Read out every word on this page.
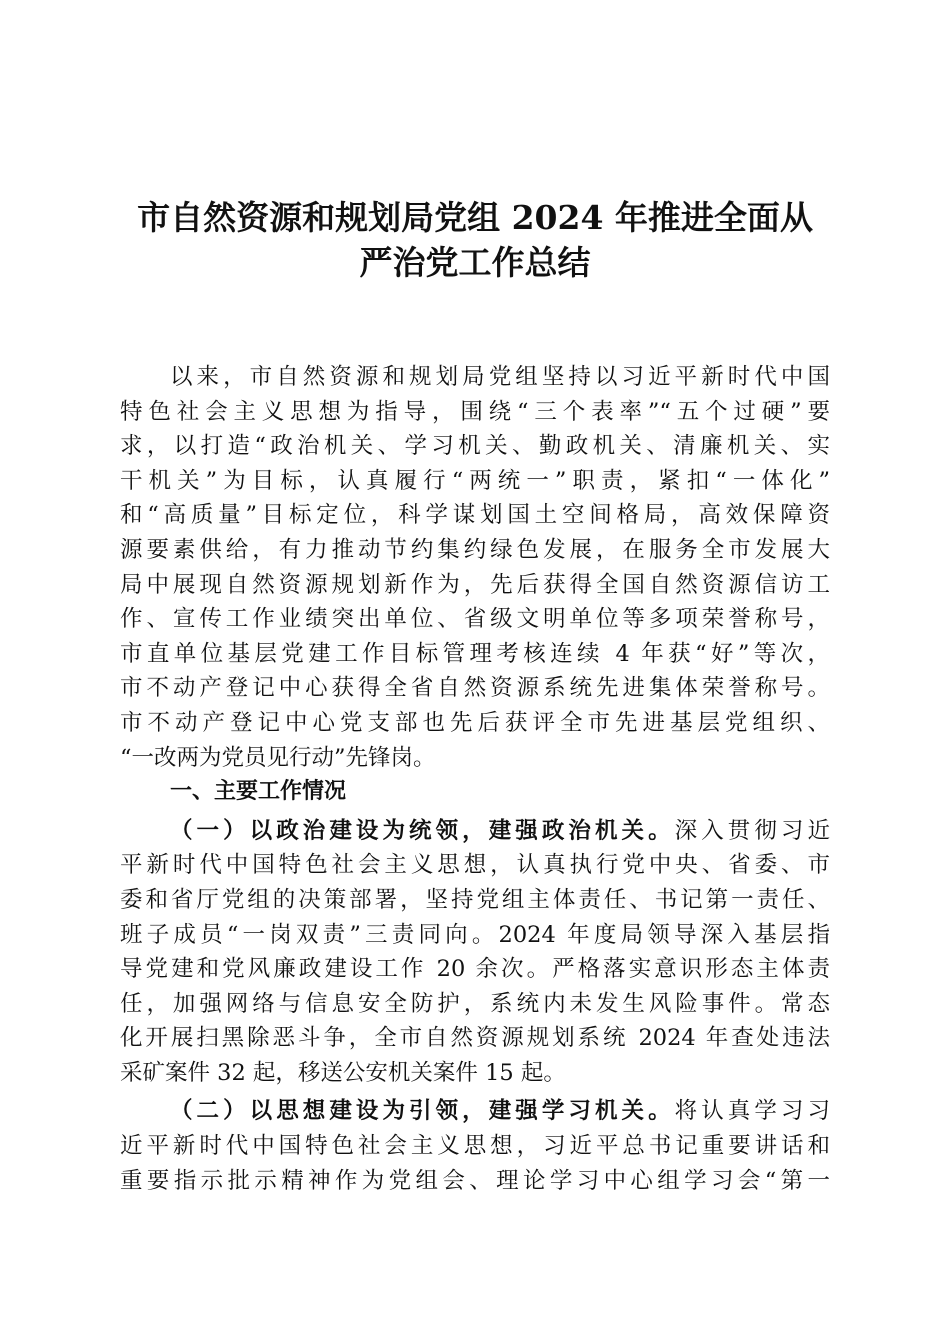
市自然资源和规划局党组 2024 年推进全面从
严治党工作总结
以来，市自然资源和规划局党组坚持以习近平新时代中国
特色社会主义思想为指导，围绕“三个表率”“五个过硬”要
求，以打造“政治机关、学习机关、勤政机关、清廉机关、实
干机关”为目标，认真履行“两统一”职责，紧扣“一体化”
和“高质量”目标定位，科学谋划国土空间格局，高效保障资
源要素供给，有力推动节约集约绿色发展，在服务全市发展大
局中展现自然资源规划新作为，先后获得全国自然资源信访工
作、宣传工作业绩突出单位、省级文明单位等多项荣誉称号，
市直单位基层党建工作目标管理考核连续 4 年获“好”等次，
市不动产登记中心获得全省自然资源系统先进集体荣誉称号。
市不动产登记中心党支部也先后获评全市先进基层党组织、
“一改两为党员见行动”先锋岗。
一、主要工作情况
（一）以政治建设为统领，建强政治机关。深入贯彻习近
平新时代中国特色社会主义思想，认真执行党中央、省委、市
委和省厅党组的决策部署，坚持党组主体责任、书记第一责任、
班子成员“一岗双责”三责同向。2024 年度局领导深入基层指
导党建和党风廉政建设工作 20 余次。严格落实意识形态主体责
任，加强网络与信息安全防护，系统内未发生风险事件。常态
化开展扫黑除恶斗争，全市自然资源规划系统 2024 年查处违法
采矿案件 32 起，移送公安机关案件 15 起。
（二）以思想建设为引领，建强学习机关。将认真学习习
近平新时代中国特色社会主义思想，习近平总书记重要讲话和
重要指示批示精神作为党组会、理论学习中心组学习会“第一
